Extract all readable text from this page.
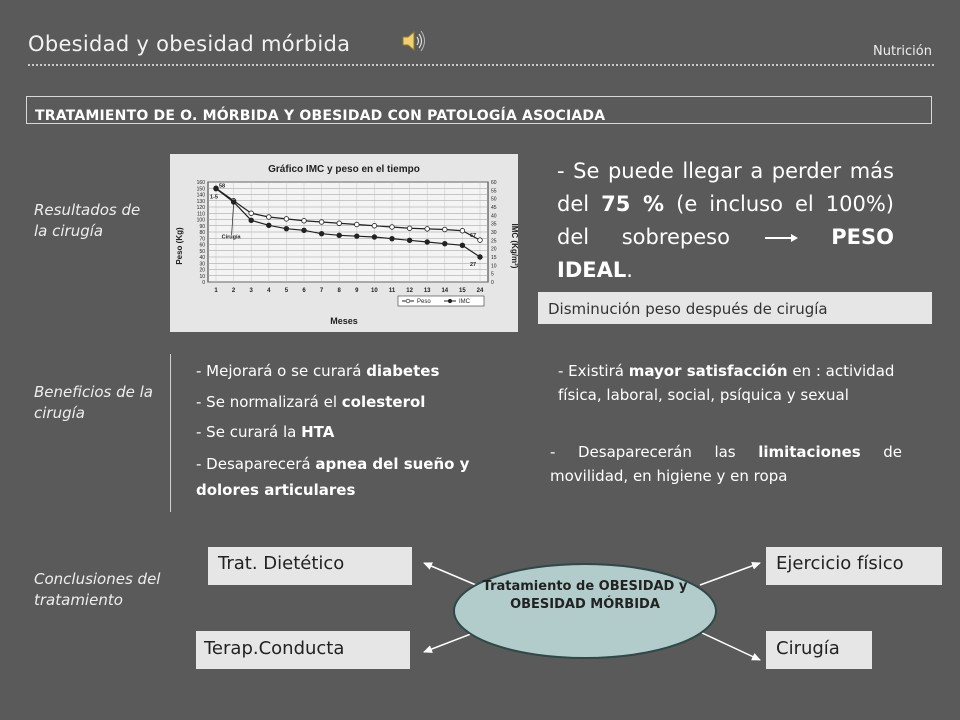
Obesidad y obesidad mórbida	Nutrición
TRATAMIENTO DE O. MÓRBIDA Y OBESIDAD CON PATOLOGÍA ASOCIADA
Resultados de la cirugía
Beneficios de la cirugía
Conclusiones del tratamiento
Gráfico IMC y peso en el tiempo
Meses
Peso (Kg)	IMC (Kg/m²)
0
10
20
30
40
50
60
70
80
90
100
110
120
130
140
150
160
0
5
10
15
20
25
30
35
40
45
50
55
60
1 2 3 4 5 6 7 8 9 10 11 12 13 14 15 24
58
1-5
Cirugía	67
27
Peso	IMC
- Se puede llegar a perder más del 75 % (e incluso el 100%) del sobrepeso	PESO IDEAL.
Disminución peso después de cirugía
- Mejorará o se curará diabetes
- Se normalizará el colesterol
- Se curará la HTA
- Desaparecerá apnea del sueño y dolores articulares
- Existirá mayor satisfacción en : actividad física, laboral, social, psíquica y sexual
- Desaparecerán las limitaciones de movilidad, en higiene y en ropa
Tratamiento de OBESIDAD y OBESIDAD MÓRBIDA
Trat. Dietético
Terap.Conducta
Ejercicio físico
Cirugía
